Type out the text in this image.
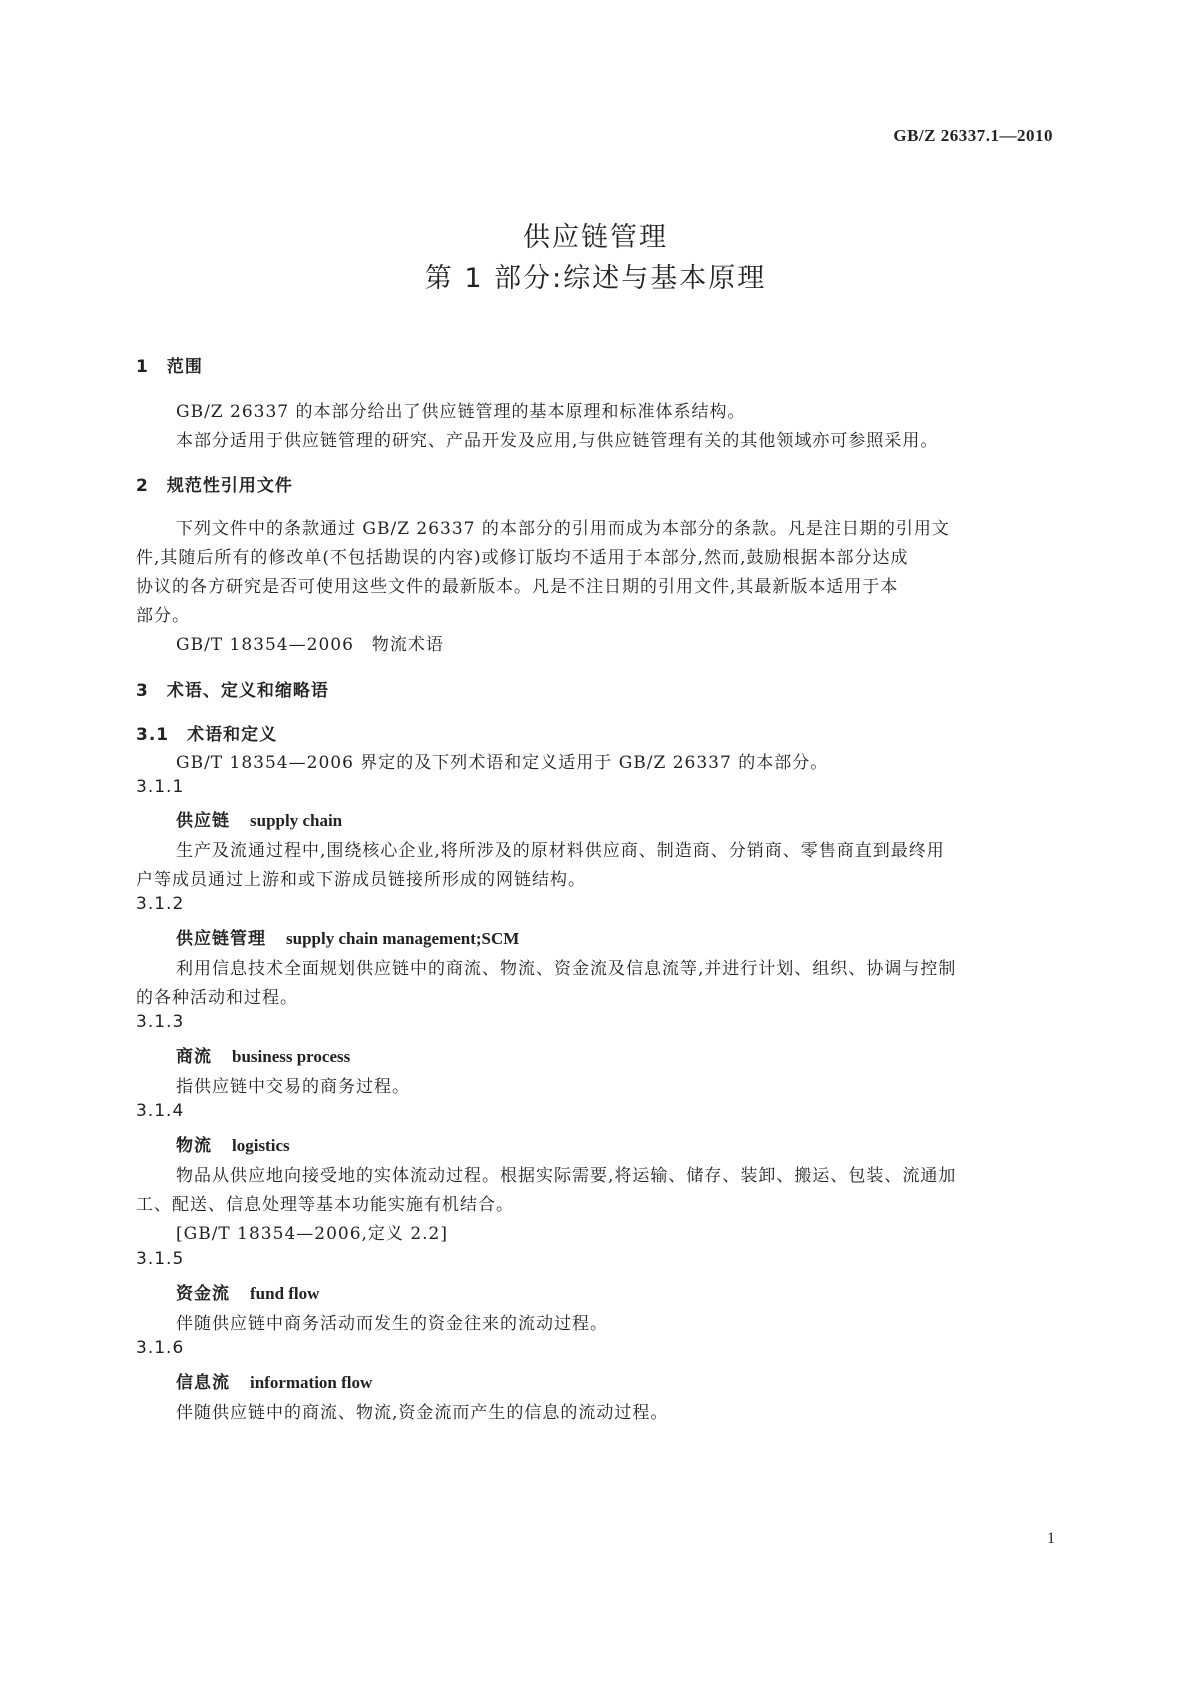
GB/Z 26337.1—2010
供应链管理
第 1 部分:综述与基本原理
1　范围
GB/Z 26337 的本部分给出了供应链管理的基本原理和标准体系结构。
本部分适用于供应链管理的研究、产品开发及应用,与供应链管理有关的其他领域亦可参照采用。
2　规范性引用文件
下列文件中的条款通过 GB/Z 26337 的本部分的引用而成为本部分的条款。凡是注日期的引用文
件,其随后所有的修改单(不包括勘误的内容)或修订版均不适用于本部分,然而,鼓励根据本部分达成
协议的各方研究是否可使用这些文件的最新版本。凡是不注日期的引用文件,其最新版本适用于本
部分。
GB/T 18354—2006　物流术语
3　术语、定义和缩略语
3.1　术语和定义
GB/T 18354—2006 界定的及下列术语和定义适用于 GB/Z 26337 的本部分。
3.1.1
供应链 supply chain
生产及流通过程中,围绕核心企业,将所涉及的原材料供应商、制造商、分销商、零售商直到最终用
户等成员通过上游和或下游成员链接所形成的网链结构。
3.1.2
供应链管理 supply chain management;SCM
利用信息技术全面规划供应链中的商流、物流、资金流及信息流等,并进行计划、组织、协调与控制
的各种活动和过程。
3.1.3
商流 business process
指供应链中交易的商务过程。
3.1.4
物流 logistics
物品从供应地向接受地的实体流动过程。根据实际需要,将运输、储存、装卸、搬运、包装、流通加
工、配送、信息处理等基本功能实施有机结合。
[GB/T 18354—2006,定义 2.2]
3.1.5
资金流 fund flow
伴随供应链中商务活动而发生的资金往来的流动过程。
3.1.6
信息流 information flow
伴随供应链中的商流、物流,资金流而产生的信息的流动过程。
1
